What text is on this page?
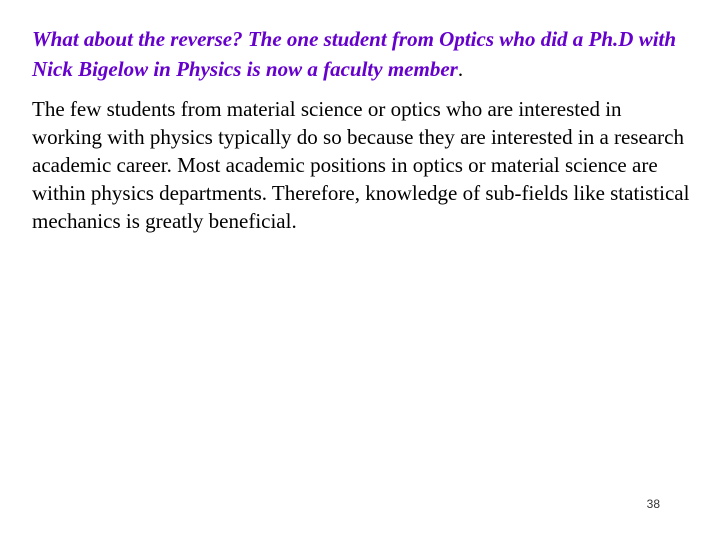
What about the reverse? The one student from Optics who did a Ph.D with Nick Bigelow in Physics is now a faculty member.

The few students from material science or optics who are interested in working with physics typically do so because they are interested in a research academic career. Most academic positions in optics or material science are within physics departments. Therefore, knowledge of sub-fields like statistical mechanics is greatly beneficial.

38
